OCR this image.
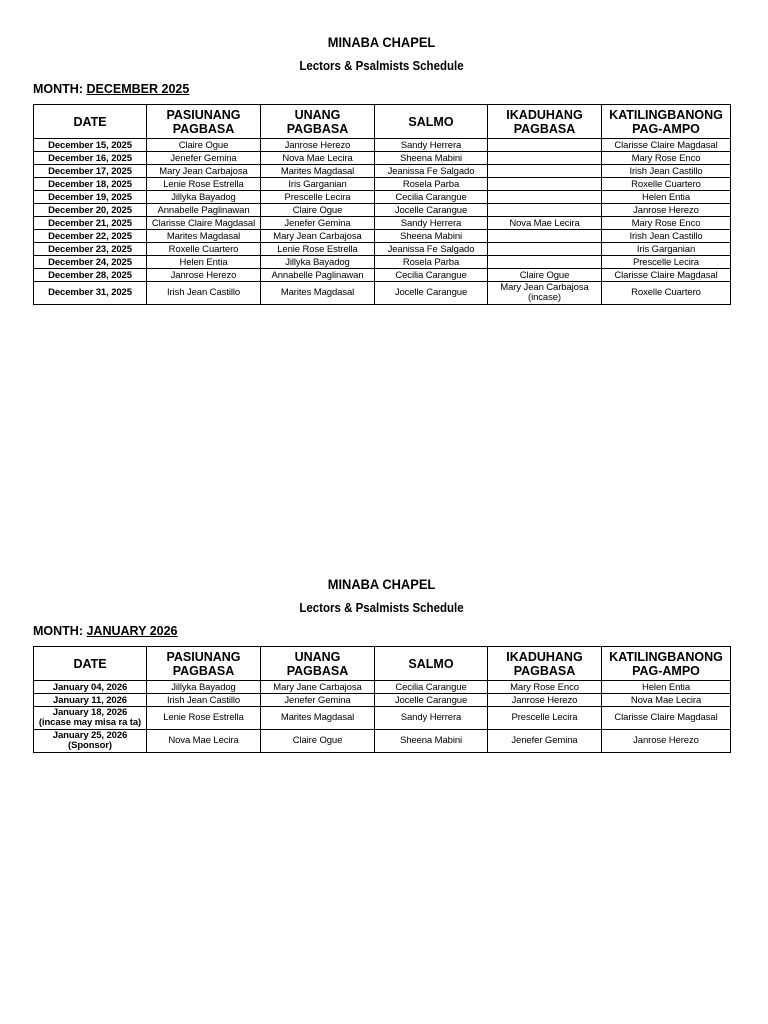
MINABA CHAPEL
Lectors & Psalmists Schedule
MONTH: DECEMBER 2025
DATE	PASIUNANG PAGBASA	UNANG PAGBASA	SALMO	IKADUHANG PAGBASA	KATILINGBANONG PAG-AMPO

December 15, 2025	Claire Ogue	Janrose Herezo	Sandy Herrera		Clarisse Claire Magdasal

December 16, 2025	Jenefer Gemina	Nova Mae Lecira	Sheena Mabini		Mary Rose Enco

December 17, 2025	Mary Jean Carbajosa	Marites Magdasal	Jeanissa Fe Salgado		Irish Jean Castillo

December 18, 2025	Lenie Rose Estrella	Iris Garganian	Rosela Parba		Roxelle Cuartero

December 19, 2025	Jillyka Bayadog	Prescelle Lecira	Cecilia Carangue		Helen Entia

December 20, 2025	Annabelle Paglinawan	Claire Ogue	Jocelle Carangue		Janrose Herezo

December 21, 2025	Clarisse Claire Magdasal	Jenefer Gemina	Sandy Herrera	Nova Mae Lecira	Mary Rose Enco

December 22, 2025	Marites Magdasal	Mary Jean Carbajosa	Sheena Mabini		Irish Jean Castillo

December 23, 2025	Roxelle Cuartero	Lenie Rose Estrella	Jeanissa Fe Salgado		Iris Garganian

December 24, 2025	Helen Entia	Jillyka Bayadog	Rosela Parba		Prescelle Lecira

December 28, 2025	Janrose Herezo	Annabelle Paglinawan	Cecilia Carangue	Claire Ogue	Clarisse Claire Magdasal

December 31, 2025	Irish Jean Castillo	Marites Magdasal	Jocelle Carangue	Mary Jean Carbajosa
(incase)	Roxelle Cuartero
MINABA CHAPEL
Lectors & Psalmists Schedule
MONTH: JANUARY 2026
DATE	PASIUNANG PAGBASA	UNANG PAGBASA	SALMO	IKADUHANG PAGBASA	KATILINGBANONG PAG-AMPO

January 04, 2026	Jillyka Bayadog	Mary Jane Carbajosa	Cecilia Carangue	Mary Rose Enco	Helen Entia

January 11, 2026	Irish Jean Castillo	Jenefer Gemina	Jocelle Carangue	Janrose Herezo	Nova Mae Lecira

January 18, 2026
(incase may misa ra ta)	Lenie Rose Estrella	Marites Magdasal	Sandy Herrera	Prescelle Lecira	Clarisse Claire Magdasal

January 25, 2026
(Sponsor)	Nova Mae Lecira	Claire Ogue	Sheena Mabini	Jenefer Gemina	Janrose Herezo
